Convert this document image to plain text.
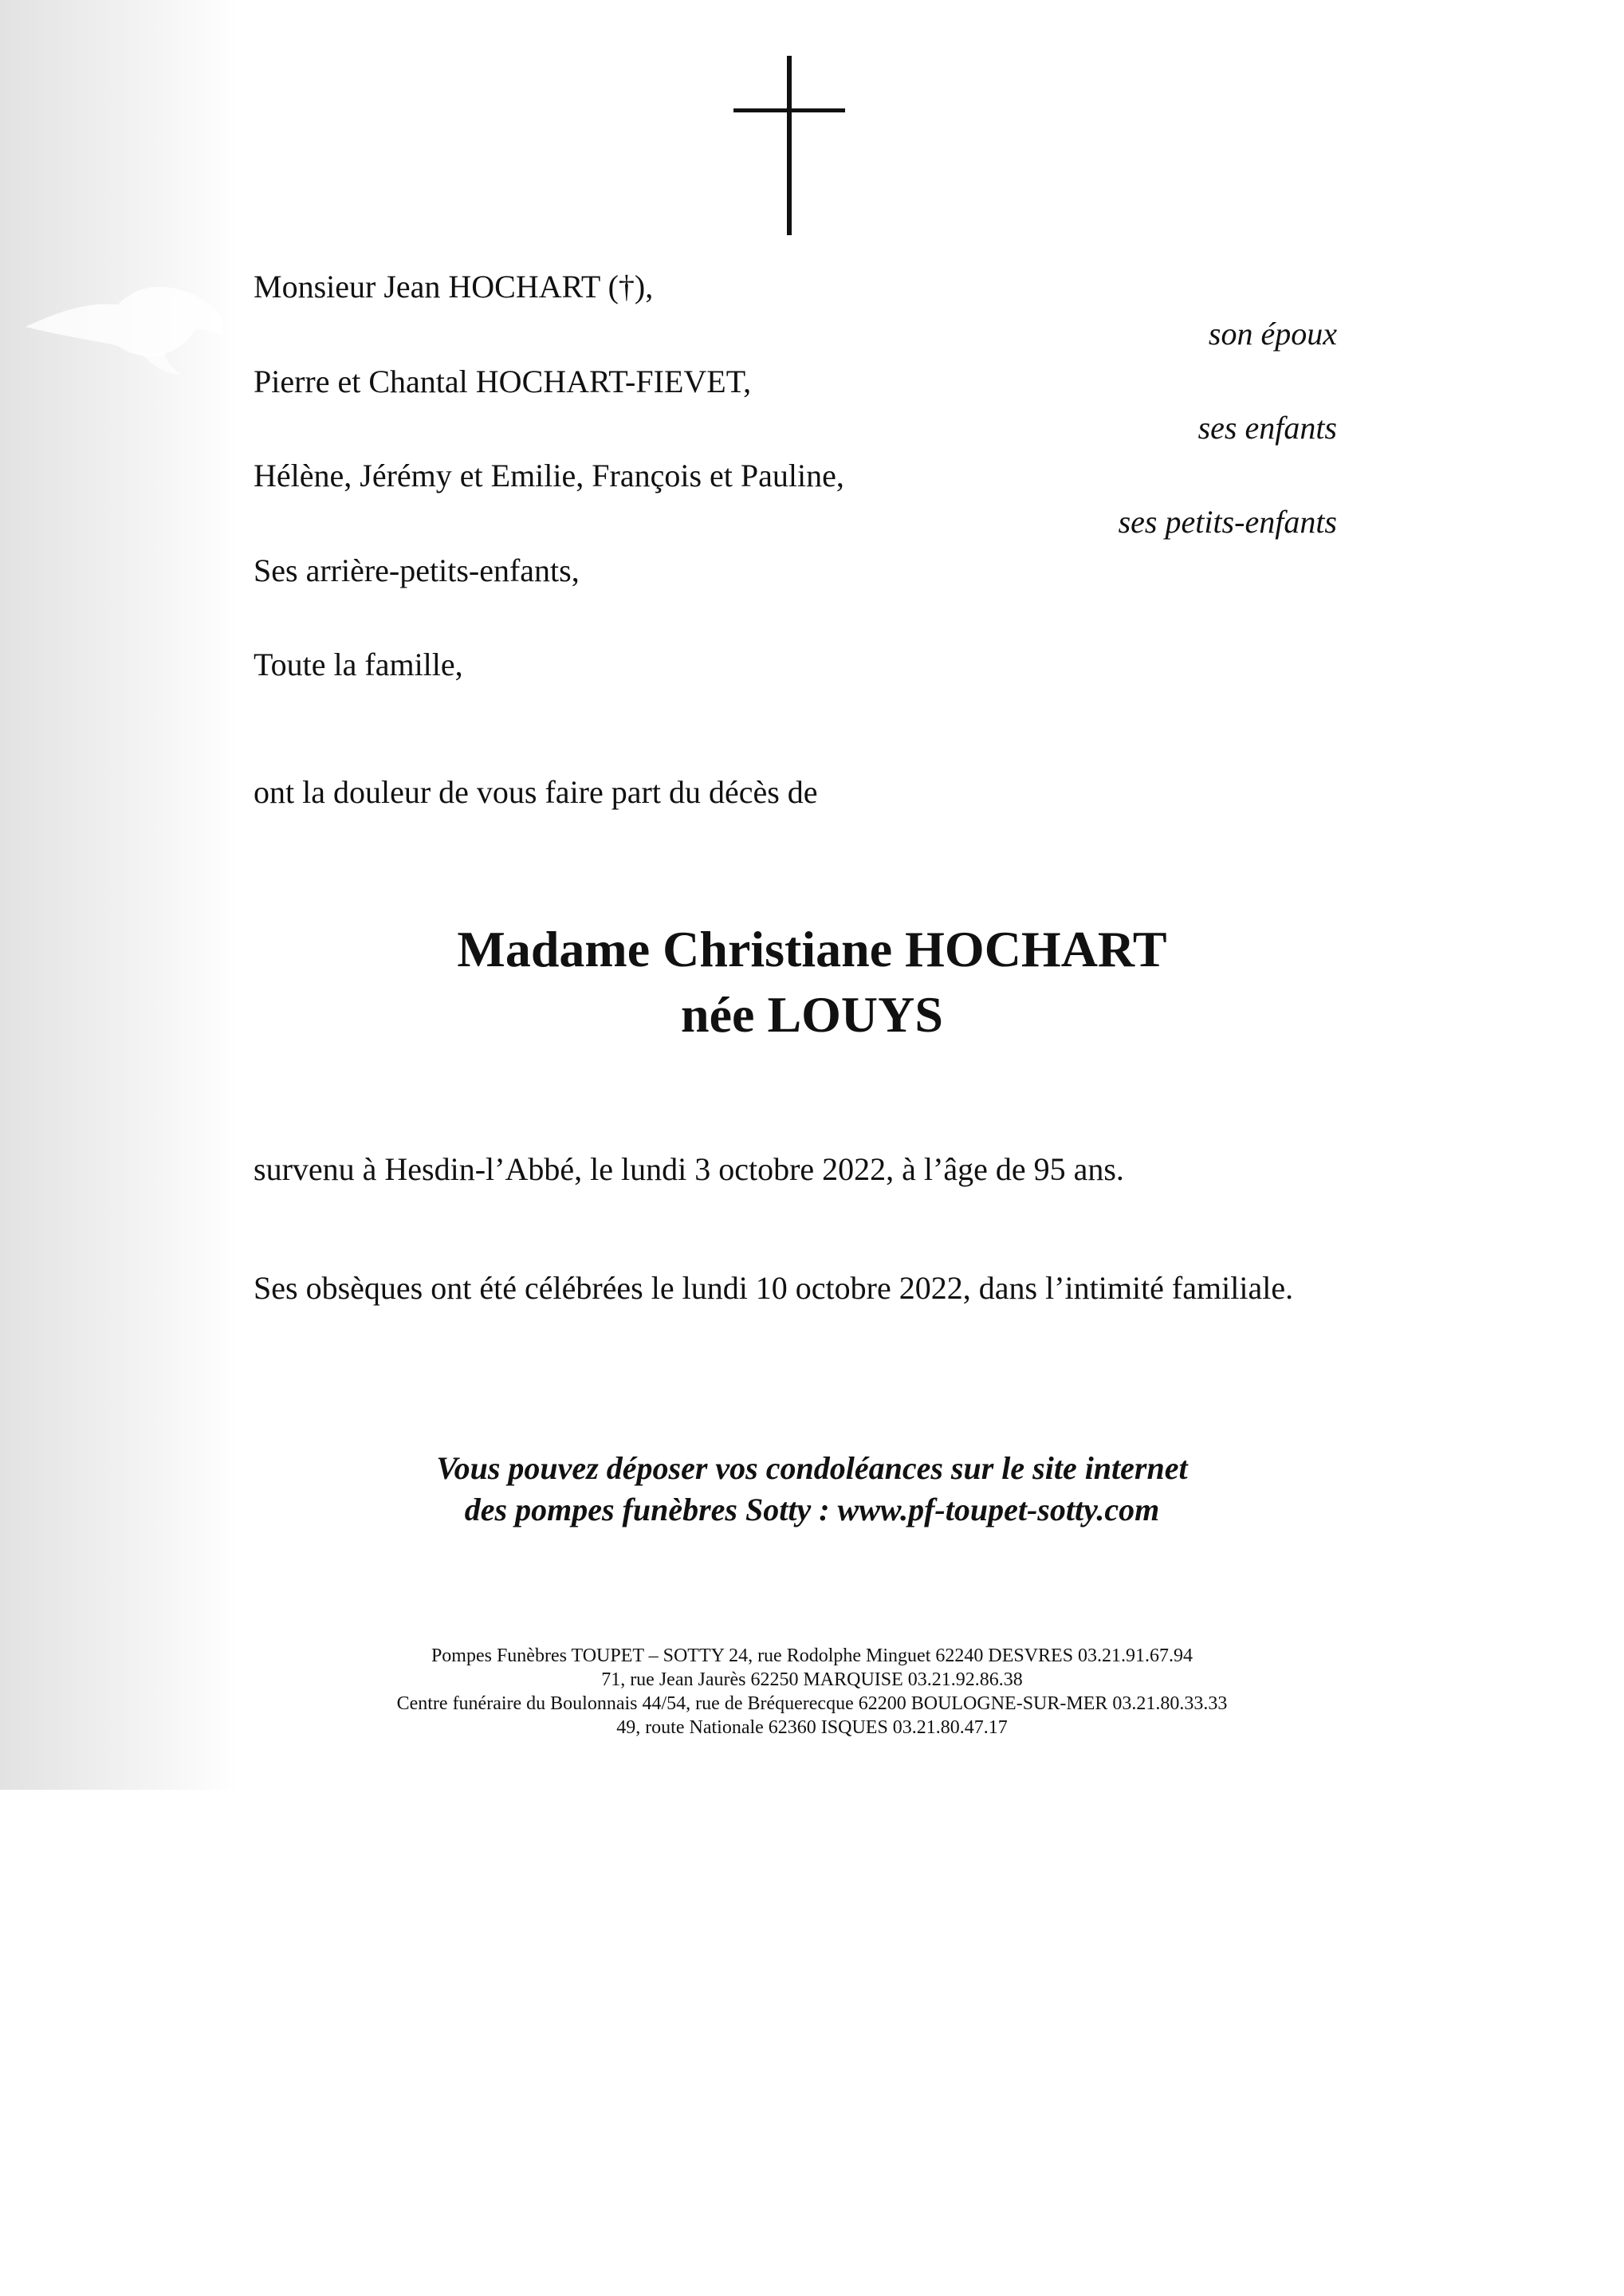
Monsieur Jean HOCHART (†),
son époux
Pierre et Chantal HOCHART-FIEVET,
ses enfants
Hélène, Jérémy et Emilie, François et Pauline,
ses petits-enfants
Ses arrière-petits-enfants,
Toute la famille,
ont la douleur de vous faire part du décès de
Madame Christiane HOCHART
née LOUYS
survenu à Hesdin-l’Abbé, le lundi 3 octobre 2022, à l’âge de 95 ans.
Ses obsèques ont été célébrées le lundi 10 octobre 2022, dans l’intimité familiale.
Vous pouvez déposer vos condoléances sur le site internet
des pompes funèbres Sotty : www.pf-toupet-sotty.com
Pompes Funèbres TOUPET – SOTTY 24, rue Rodolphe Minguet 62240 DESVRES 03.21.91.67.94
71, rue Jean Jaurès 62250 MARQUISE 03.21.92.86.38
Centre funéraire du Boulonnais 44/54, rue de Bréquerecque 62200 BOULOGNE-SUR-MER 03.21.80.33.33
49, route Nationale 62360 ISQUES 03.21.80.47.17
